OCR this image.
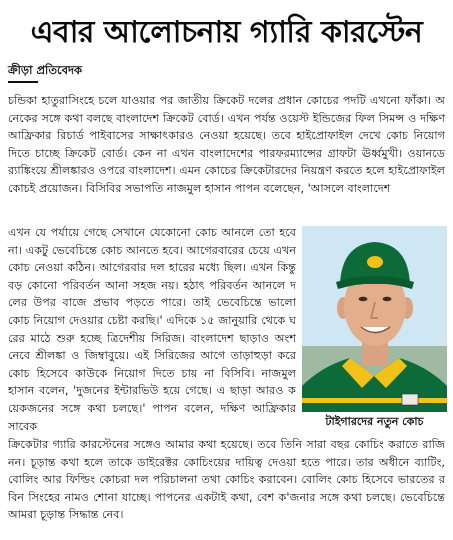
এবার আলোচনায় গ্যারি কারস্টেন
ক্রীড়া প্রতিবেদক
চন্ডিকা হাতুরাসিংহে চলে যাওয়ার পর জাতীয় ক্রিকেট দলের প্রধান কোচের পদটি এখনো ফাঁকা। অনেকের সঙ্গে কথা বলছে বাংলাদেশ ক্রিকেট বোর্ড। এখন পর্যন্ত ওয়েস্ট ইন্ডিজের ফিল সিমন্স ও দক্ষিণ আফ্রিকার রিচার্ড পাইবাসের সাক্ষাৎকারও নেওয়া হয়েছে। তবে হাইপ্রোফাইল দেখে কোচ নিয়োগ দিতে চাচ্ছে ক্রিকেট বোর্ড। কেন না এখন বাংলাদেশের পারফরম্যান্সের গ্রাফটা ঊর্ধ্বমুখী। ওয়ানডে র‍্যাঙ্কিংয়ে শ্রীলঙ্কারও ওপরে বাংলাদেশ। এমন কোচের ক্রিকেটারদের নিয়ন্ত্রণ করতে হলে হাইপ্রোফাইল কোচই প্রয়োজন। বিসিবির সভাপতি নাজমুল হাসান পাপন বলেছেন, 'আসলে বাংলাদেশ
এখন যে পর্যায়ে গেছে সেখানে যেকোনো কোচ আনলে তো হবে না। একটু ভেবেচিন্তে কোচ আনতে হবে। আগেরবারের চেয়ে এখন কোচ নেওয়া কঠিন। আগেরবার দল হারের মধ্যে ছিল। এখন কিন্তু বড় কোনো পরিবর্তন আনা সহজ নয়। হঠাৎ পরিবর্তন আনলে দলের উপর বাজে প্রভাব পড়তে পারে। তাই ভেবেচিন্তে ভালো কোচ নিয়োগ দেওয়ার চেষ্টা করছি।' এদিকে ১৫ জানুয়ারি থেকে ঘরের মাঠে শুরু হচ্ছে ত্রিদেশীয় সিরিজ। বাংলাদেশ ছাড়াও অংশ নেবে শ্রীলঙ্কা ও জিম্বাবুয়ে। এই সিরিজের আগে তাড়াহুড়া করে কোচ হিসেবে কাউকে নিয়োগ দিতে চায় না বিসিবি। নাজমুল হাসান বলেন, 'দুজনের ইন্টারভিউ হয়ে গেছে। এ ছাড়া আরও কয়েকজনের সঙ্গে কথা চলছে।' পাপন বলেন, দক্ষিণ আফ্রিকার সাবেক	টাইগারদের নতুন কোচ
ক্রিকেটার গ্যারি কারস্টেনের সঙ্গেও আমার কথা হয়েছে। তবে তিনি সারা বছর কোচিং করাতে রাজি নন। চূড়ান্ত কথা হলে তাকে ডাইরেক্টর কোচিংয়ের দায়িত্ব দেওয়া হতে পারে। তার অধীনে ব্যাটিং, বোলিং আর ফিল্ডিং কোচরা দল পরিচালনা তথা কোচিং করাবেন। বোলিং কোচ হিসেবে ভারতের রবিন সিংহের নামও শোনা যাচ্ছে। পাপনের একটাই কথা, বেশ ক'জনার সঙ্গে কথা চলছে। ভেবেচিন্তে আমরা চূড়ান্ত সিদ্ধান্ত নেব।
